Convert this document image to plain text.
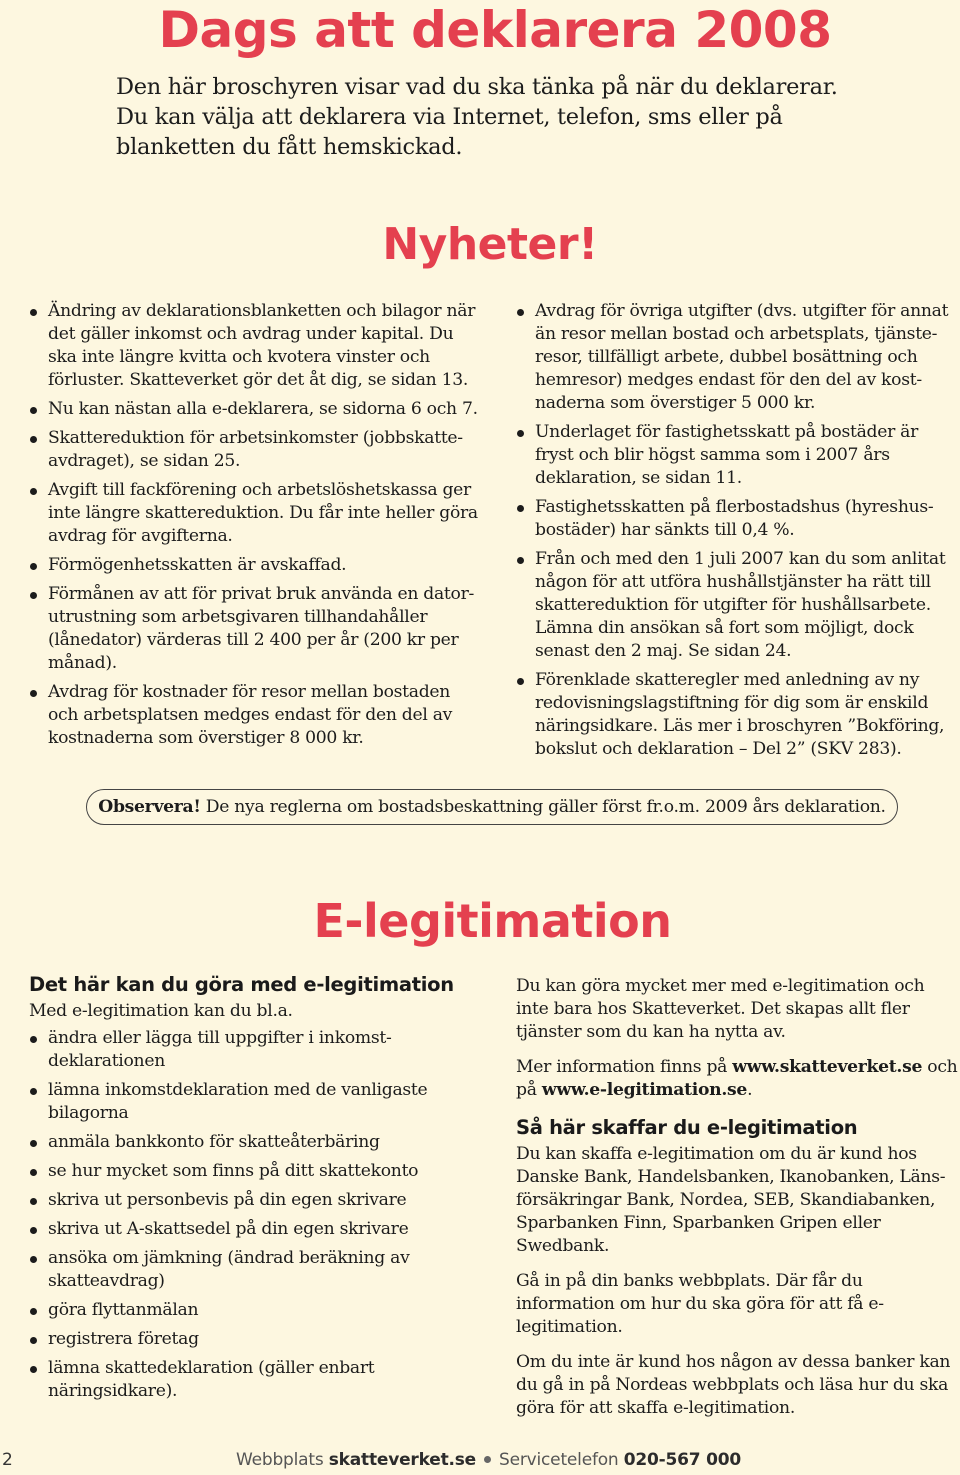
Dags att deklarera 2008
Den här broschyren visar vad du ska tänka på när du deklarerar. Du kan välja att deklarera via Internet, telefon, sms eller på blanketten du fått hemskickad.
Nyheter!
Ändring av deklarationsblanketten och bilagor när det gäller inkomst och avdrag under kapital. Du ska inte längre kvitta och kvotera vinster och förluster. Skatteverket gör det åt dig, se sidan 13.
Nu kan nästan alla e-deklarera, se sidorna 6 och 7.
Skattereduktion för arbetsinkomster (jobbskatteavdraget), se sidan 25.
Avgift till fackförening och arbetslöshetskassa ger inte längre skattereduktion. Du får inte heller göra avdrag för avgifterna.
Förmögenhetsskatten är avskaffad.
Förmånen av att för privat bruk använda en datorutrustning som arbetsgivaren tillhandahåller (lånedator) värderas till 2 400 per år (200 kr per månad).
Avdrag för kostnader för resor mellan bostaden och arbetsplatsen medges endast för den del av kostnaderna som överstiger 8 000 kr.
Avdrag för övriga utgifter (dvs. utgifter för annat än resor mellan bostad och arbetsplats, tjänsteresor, tillfälligt arbete, dubbel bosättning och hemresor) medges endast för den del av kostnaderna som överstiger 5 000 kr.
Underlaget för fastighetsskatt på bostäder är fryst och blir högst samma som i 2007 års deklaration, se sidan 11.
Fastighetsskatten på flerbostadshus (hyreshusbostäder) har sänkts till 0,4 %.
Från och med den 1 juli 2007 kan du som anlitat någon för att utföra hushållstjänster ha rätt till skattereduktion för utgifter för hushållsarbete. Lämna din ansökan så fort som möjligt, dock senast den 2 maj. Se sidan 24.
Förenklade skatteregler med anledning av ny redovisningslagstiftning för dig som är enskild näringsidkare. Läs mer i broschyren ”Bokföring, bokslut och deklaration – Del 2” (SKV 283).
Observera! De nya reglerna om bostadsbeskattning gäller först fr.o.m. 2009 års deklaration.
E-legitimation
Det här kan du göra med e-legitimation
Med e-legitimation kan du bl.a.
ändra eller lägga till uppgifter i inkomstdeklarationen
lämna inkomstdeklaration med de vanligaste bilagorna
anmäla bankkonto för skatteåterbäring
se hur mycket som finns på ditt skattekonto
skriva ut personbevis på din egen skrivare
skriva ut A-skattsedel på din egen skrivare
ansöka om jämkning (ändrad beräkning av skatteavdrag)
göra flyttanmälan
registrera företag
lämna skattedeklaration (gäller enbart näringsidkare).
Du kan göra mycket mer med e-legitimation och inte bara hos Skatteverket. Det skapas allt fler tjänster som du kan ha nytta av.
Mer information finns på www.skatteverket.se och på www.e-legitimation.se.
Så här skaffar du e-legitimation
Du kan skaffa e-legitimation om du är kund hos Danske Bank, Handelsbanken, Ikanobanken, Länsförsäkringar Bank, Nordea, SEB, Skandiabanken, Sparbanken Finn, Sparbanken Gripen eller Swedbank.
Gå in på din banks webbplats. Där får du information om hur du ska göra för att få e-legitimation.
Om du inte är kund hos någon av dessa banker kan du gå in på Nordeas webbplats och läsa hur du ska göra för att skaffa e-legitimation.
2	Webbplats skatteverket.se Servicetelefon 020-567 000
